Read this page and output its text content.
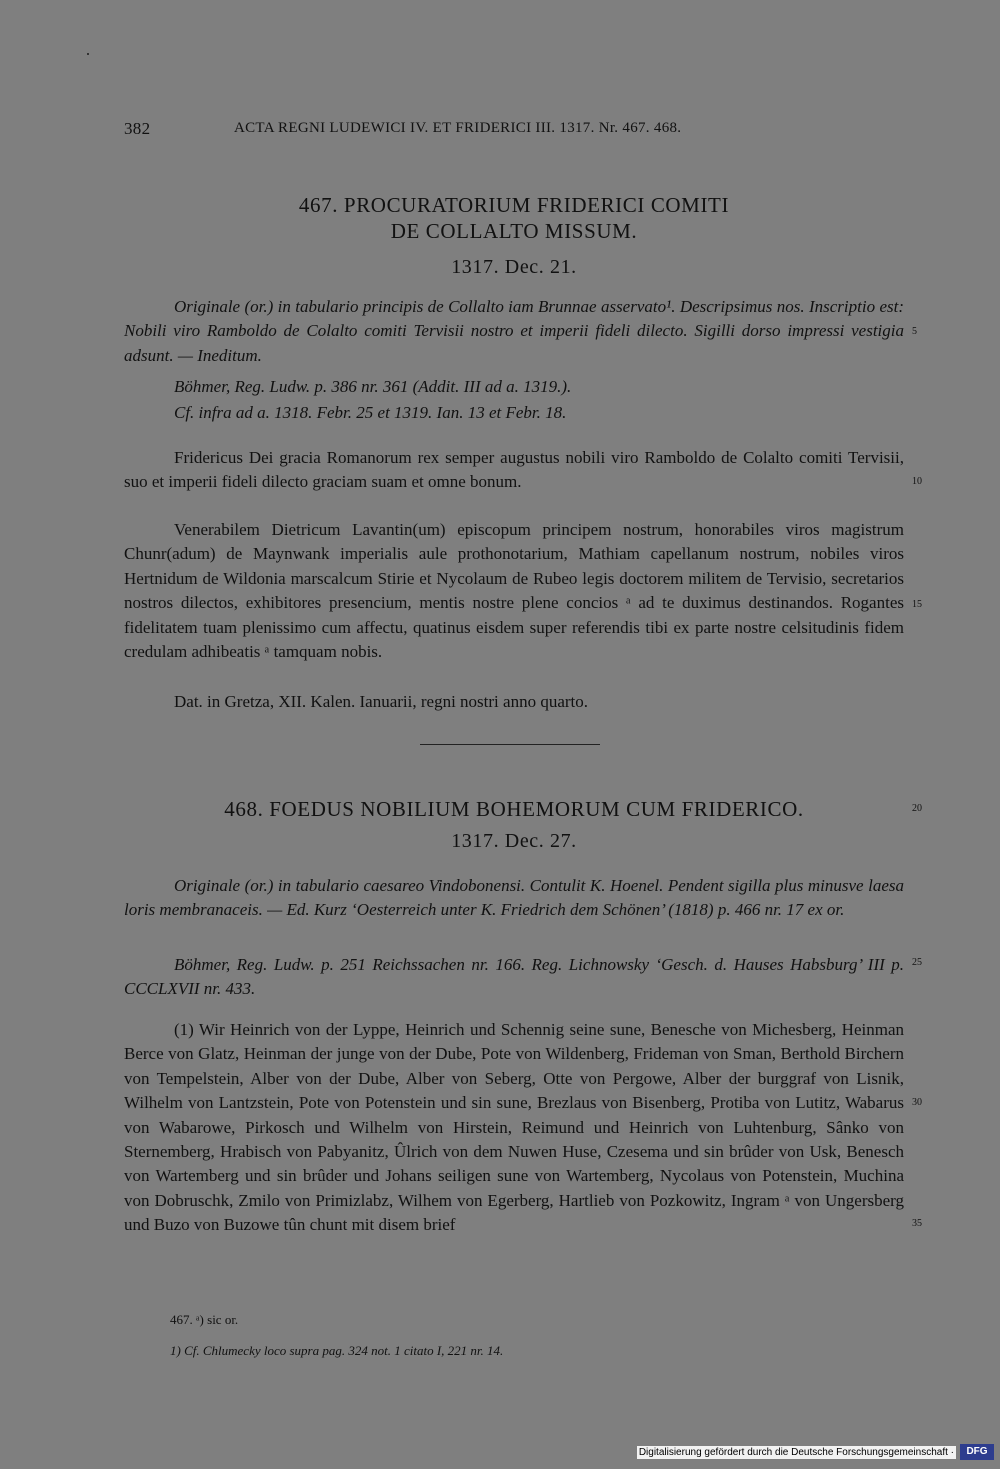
382	ACTA REGNI LUDEWICI IV. ET FRIDERICI III. 1317. Nr. 467. 468.
467. PROCURATORIUM FRIDERICI COMITI
DE COLLALTO MISSUM.
1317. Dec. 21.
Originale (or.) in tabulario principis de Collalto iam Brunnae asservato¹. Descripsimus nos. Inscriptio est: Nobili viro Ramboldo de Colalto comiti Tervisii nostro et imperii fideli dilecto. Sigilli dorso impressi vestigia adsunt. — Ineditum.
Böhmer, Reg. Ludw. p. 386 nr. 361 (Addit. III ad a. 1319.).
Cf. infra ad a. 1318. Febr. 25 et 1319. Ian. 13 et Febr. 18.
Fridericus Dei gracia Romanorum rex semper augustus nobili viro Ramboldo de Colalto comiti Tervisii, suo et imperii fideli dilecto graciam suam et omne bonum.
Venerabilem Dietricum Lavantin(um) episcopum principem nostrum, honorabiles viros magistrum Chunr(adum) de Maynwank imperialis aule prothonotarium, Mathiam capellanum nostrum, nobiles viros Hertnidum de Wildonia marscalcum Stirie et Nycolaum de Rubeo legis doctorem militem de Tervisio, secretarios nostros dilectos, exhibitores presencium, mentis nostre plene concios ᵃ ad te duximus destinandos. Rogantes fidelitatem tuam plenissimo cum affectu, quatinus eisdem super referendis tibi ex parte nostre celsitudinis fidem credulam adhibeatis ᵃ tamquam nobis.
Dat. in Gretza, XII. Kalen. Ianuarii, regni nostri anno quarto.
468. FOEDUS NOBILIUM BOHEMORUM CUM FRIDERICO.
1317. Dec. 27.
Originale (or.) in tabulario caesareo Vindobonensi. Contulit K. Hoenel. Pendent sigilla plus minusve laesa loris membranaceis. — Ed. Kurz ‘Oesterreich unter K. Friedrich dem Schönen’ (1818) p. 466 nr. 17 ex or.
Böhmer, Reg. Ludw. p. 251 Reichssachen nr. 166. Reg. Lichnowsky ‘Gesch. d. Hauses Habsburg’ III p. CCCLXVII nr. 433.
(1) Wir Heinrich von der Lyppe, Heinrich und Schennig seine sune, Benesche von Michesberg, Heinman Berce von Glatz, Heinman der junge von der Dube, Pote von Wildenberg, Frideman von Sman, Berthold Birchern von Tempelstein, Alber von der Dube, Alber von Seberg, Otte von Pergowe, Alber der burggraf von Lisnik, Wilhelm von Lantzstein, Pote von Potenstein und sin sune, Brezlaus von Bisenberg, Protiba von Lutitz, Wabarus von Wabarowe, Pirkosch und Wilhelm von Hirstein, Reimund und Heinrich von Luhtenburg, Sânko von Sternemberg, Hrabisch von Pabyanitz, Ûlrich von dem Nuwen Huse, Czesema und sin brûder von Usk, Benesch von Wartemberg und sin brûder und Johans seiligen sune von Wartemberg, Nycolaus von Potenstein, Muchina von Dobruschk, Zmilo von Primizlabz, Wilhem von Egerberg, Hartlieb von Pozkowitz, Ingram ᵃ von Ungersberg und Buzo von Buzowe tûn chunt mit disem brief
5
10
15
20
25
30
35
467. ᵃ) sic or.
1) Cf. Chlumecky loco supra pag. 324 not. 1 citato I, 221 nr. 14.
Digitalisierung gefördert durch die Deutsche Forschungsgemeinschaft ·	DFG
